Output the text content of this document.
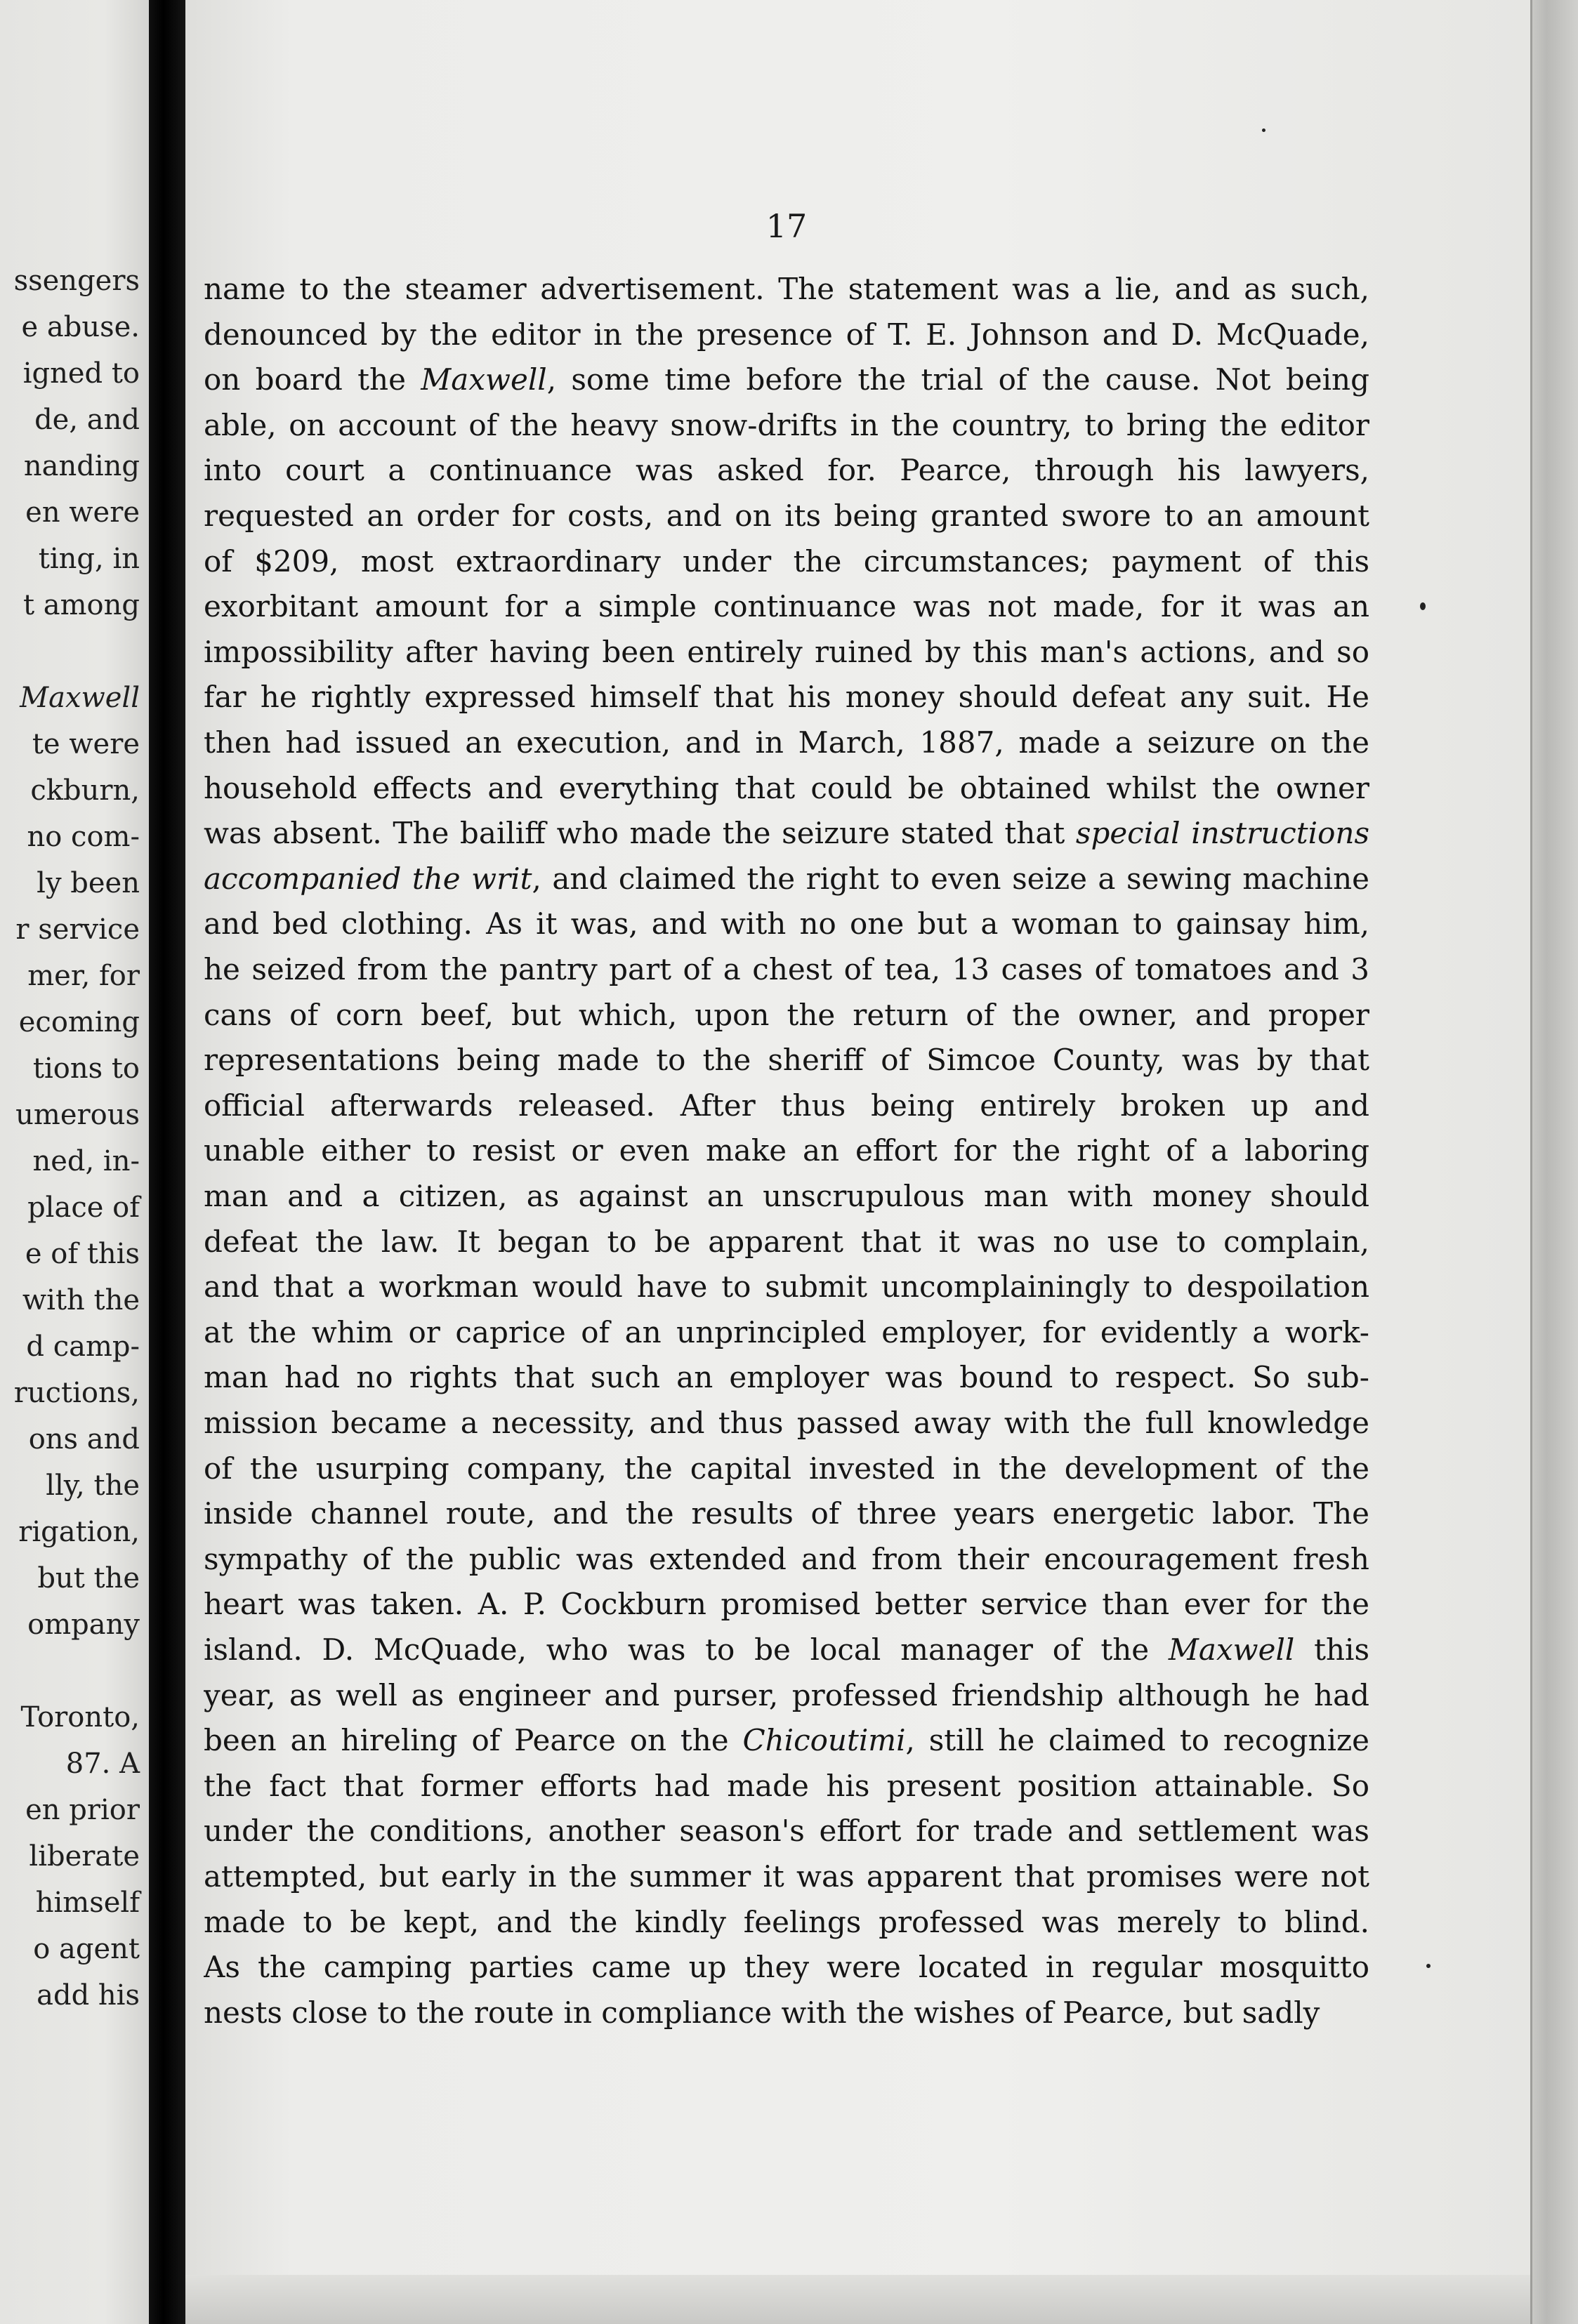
ssengers
e abuse.
igned to
de, and
nanding
en were
ting, in
t among
Maxwell
te were
ckburn,
no com-
ly been
r service
mer, for
ecoming
tions to
umerous
ned, in-
place of
e of this
with the
d camp-
ructions,
ons and
lly, the
rigation,
but the
ompany
Toronto,
87. A
en prior
liberate
himself
o agent
add his
17
name to the steamer advertisement. The statement was a lie, and as such,
denounced by the editor in the presence of T. E. Johnson and D. McQuade,
on board the Maxwell, some time before the trial of the cause. Not being
able, on account of the heavy snow-drifts in the country, to bring the editor
into court a continuance was asked for. Pearce, through his lawyers,
requested an order for costs, and on its being granted swore to an amount
of $209, most extraordinary under the circumstances; payment of this
exorbitant amount for a simple continuance was not made, for it was an
impossibility after having been entirely ruined by this man's actions, and so
far he rightly expressed himself that his money should defeat any suit. He
then had issued an execution, and in March, 1887, made a seizure on the
household effects and everything that could be obtained whilst the owner
was absent. The bailiff who made the seizure stated that special instructions
accompanied the writ, and claimed the right to even seize a sewing machine
and bed clothing. As it was, and with no one but a woman to gainsay him,
he seized from the pantry part of a chest of tea, 13 cases of tomatoes and 3
cans of corn beef, but which, upon the return of the owner, and proper
representations being made to the sheriff of Simcoe County, was by that
official afterwards released. After thus being entirely broken up and
unable either to resist or even make an effort for the right of a laboring
man and a citizen, as against an unscrupulous man with money should
defeat the law. It began to be apparent that it was no use to complain,
and that a workman would have to submit uncomplainingly to despoilation
at the whim or caprice of an unprincipled employer, for evidently a work-
man had no rights that such an employer was bound to respect. So sub-
mission became a necessity, and thus passed away with the full knowledge
of the usurping company, the capital invested in the development of the
inside channel route, and the results of three years energetic labor. The
sympathy of the public was extended and from their encouragement fresh
heart was taken. A. P. Cockburn promised better service than ever for the
island. D. McQuade, who was to be local manager of the Maxwell this
year, as well as engineer and purser, professed friendship although he had
been an hireling of Pearce on the Chicoutimi, still he claimed to recognize
the fact that former efforts had made his present position attainable. So
under the conditions, another season's effort for trade and settlement was
attempted, but early in the summer it was apparent that promises were not
made to be kept, and the kindly feelings professed was merely to blind.
As the camping parties came up they were located in regular mosquitto
nests close to the route in compliance with the wishes of Pearce, but sadly
